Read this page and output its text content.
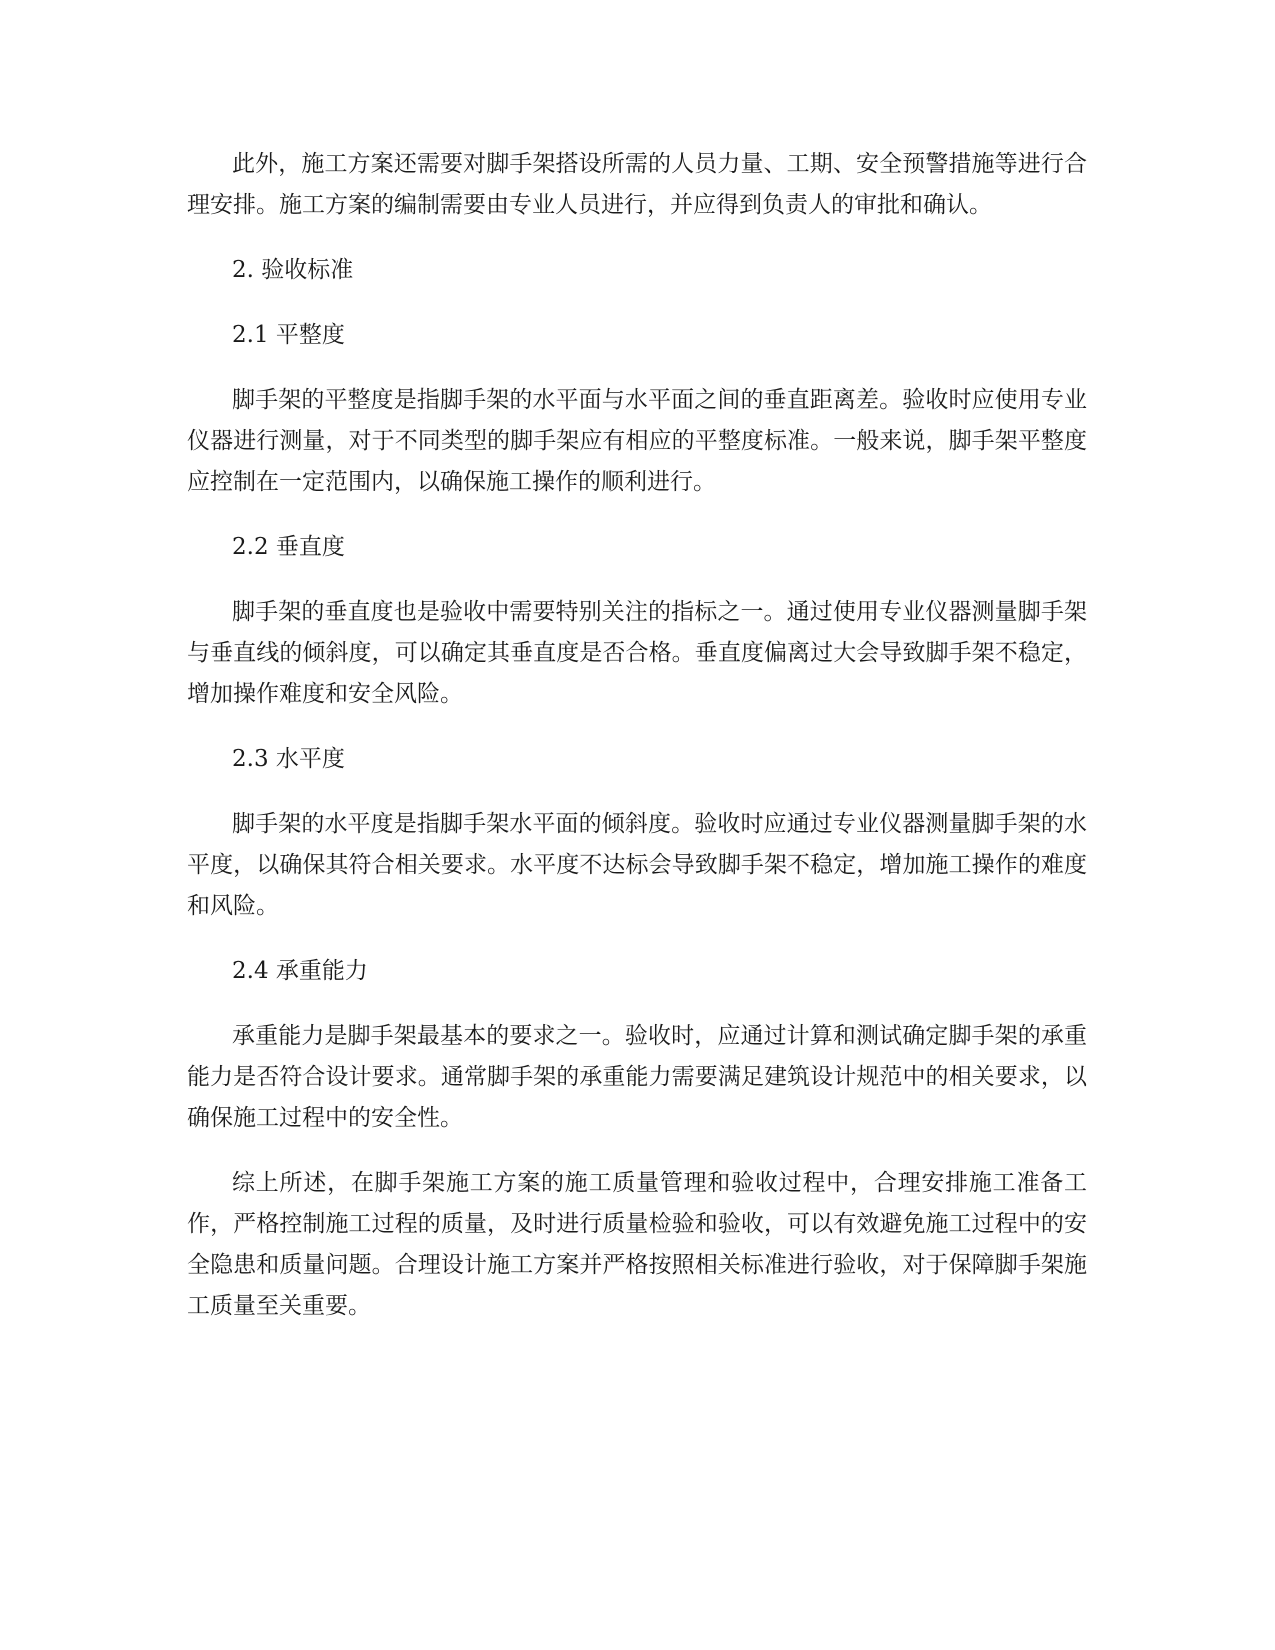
此外，施工方案还需要对脚手架搭设所需的人员力量、工期、安全预警措施等进行合理安排。施工方案的编制需要由专业人员进行，并应得到负责人的审批和确认。

2. 验收标准

2.1 平整度

脚手架的平整度是指脚手架的水平面与水平面之间的垂直距离差。验收时应使用专业仪器进行测量，对于不同类型的脚手架应有相应的平整度标准。一般来说，脚手架平整度应控制在一定范围内，以确保施工操作的顺利进行。

2.2 垂直度

脚手架的垂直度也是验收中需要特别关注的指标之一。通过使用专业仪器测量脚手架与垂直线的倾斜度，可以确定其垂直度是否合格。垂直度偏离过大会导致脚手架不稳定，增加操作难度和安全风险。

2.3 水平度

脚手架的水平度是指脚手架水平面的倾斜度。验收时应通过专业仪器测量脚手架的水平度，以确保其符合相关要求。水平度不达标会导致脚手架不稳定，增加施工操作的难度和风险。

2.4 承重能力

承重能力是脚手架最基本的要求之一。验收时，应通过计算和测试确定脚手架的承重能力是否符合设计要求。通常脚手架的承重能力需要满足建筑设计规范中的相关要求，以确保施工过程中的安全性。

综上所述，在脚手架施工方案的施工质量管理和验收过程中，合理安排施工准备工作，严格控制施工过程的质量，及时进行质量检验和验收，可以有效避免施工过程中的安全隐患和质量问题。合理设计施工方案并严格按照相关标准进行验收，对于保障脚手架施工质量至关重要。
